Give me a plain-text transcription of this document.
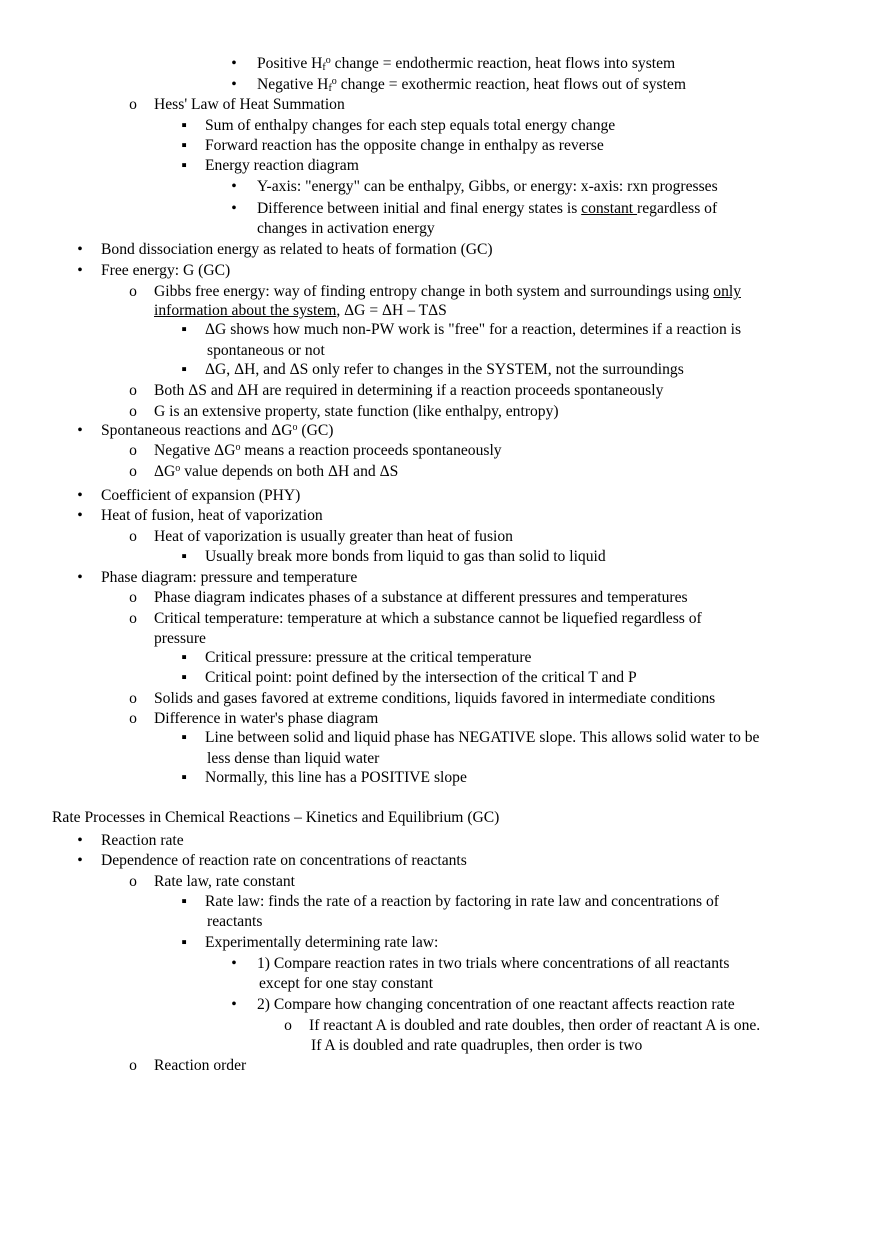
• Positive $H_f^o$ change = endothermic reaction, heat flows into system
• Negative $H_f^o$ change = exothermic reaction, heat flows out of system
o Hess' Law of Heat Summation
▪ Sum of enthalpy changes for each step equals total energy change
▪ Forward reaction has the opposite change in enthalpy as reverse
▪ Energy reaction diagram
• Y-axis: "energy" can be enthalpy, Gibbs, or energy: x-axis: rxn progresses
• Difference between initial and final energy states is constant regardless of
changes in activation energy
• Bond dissociation energy as related to heats of formation (GC)
• Free energy: G (GC)
o Gibbs free energy: way of finding entropy change in both system and surroundings using only
information about the system, ΔG = ΔH – TΔS
▪ ΔG shows how much non-PW work is "free" for a reaction, determines if a reaction is
spontaneous or not
▪ ΔG, ΔH, and ΔS only refer to changes in the SYSTEM, not the surroundings
o Both ΔS and ΔH are required in determining if a reaction proceeds spontaneously
o G is an extensive property, state function (like enthalpy, entropy)
• Spontaneous reactions and $\Delta G^o$ (GC)
o Negative $\Delta G^o$ means a reaction proceeds spontaneously
o $\Delta G^o$ value depends on both ΔH and ΔS
• Coefficient of expansion (PHY)
• Heat of fusion, heat of vaporization
o Heat of vaporization is usually greater than heat of fusion
▪ Usually break more bonds from liquid to gas than solid to liquid
• Phase diagram: pressure and temperature
o Phase diagram indicates phases of a substance at different pressures and temperatures
o Critical temperature: temperature at which a substance cannot be liquefied regardless of
pressure
▪ Critical pressure: pressure at the critical temperature
▪ Critical point: point defined by the intersection of the critical T and P
o Solids and gases favored at extreme conditions, liquids favored in intermediate conditions
o Difference in water's phase diagram
▪ Line between solid and liquid phase has NEGATIVE slope. This allows solid water to be
less dense than liquid water
▪ Normally, this line has a POSITIVE slope
Rate Processes in Chemical Reactions – Kinetics and Equilibrium (GC)
• Reaction rate
• Dependence of reaction rate on concentrations of reactants
o Rate law, rate constant
▪ Rate law: finds the rate of a reaction by factoring in rate law and concentrations of
reactants
▪ Experimentally determining rate law:
• 1) Compare reaction rates in two trials where concentrations of all reactants
except for one stay constant
• 2) Compare how changing concentration of one reactant affects reaction rate
o If reactant A is doubled and rate doubles, then order of reactant A is one.
If A is doubled and rate quadruples, then order is two
o Reaction order
